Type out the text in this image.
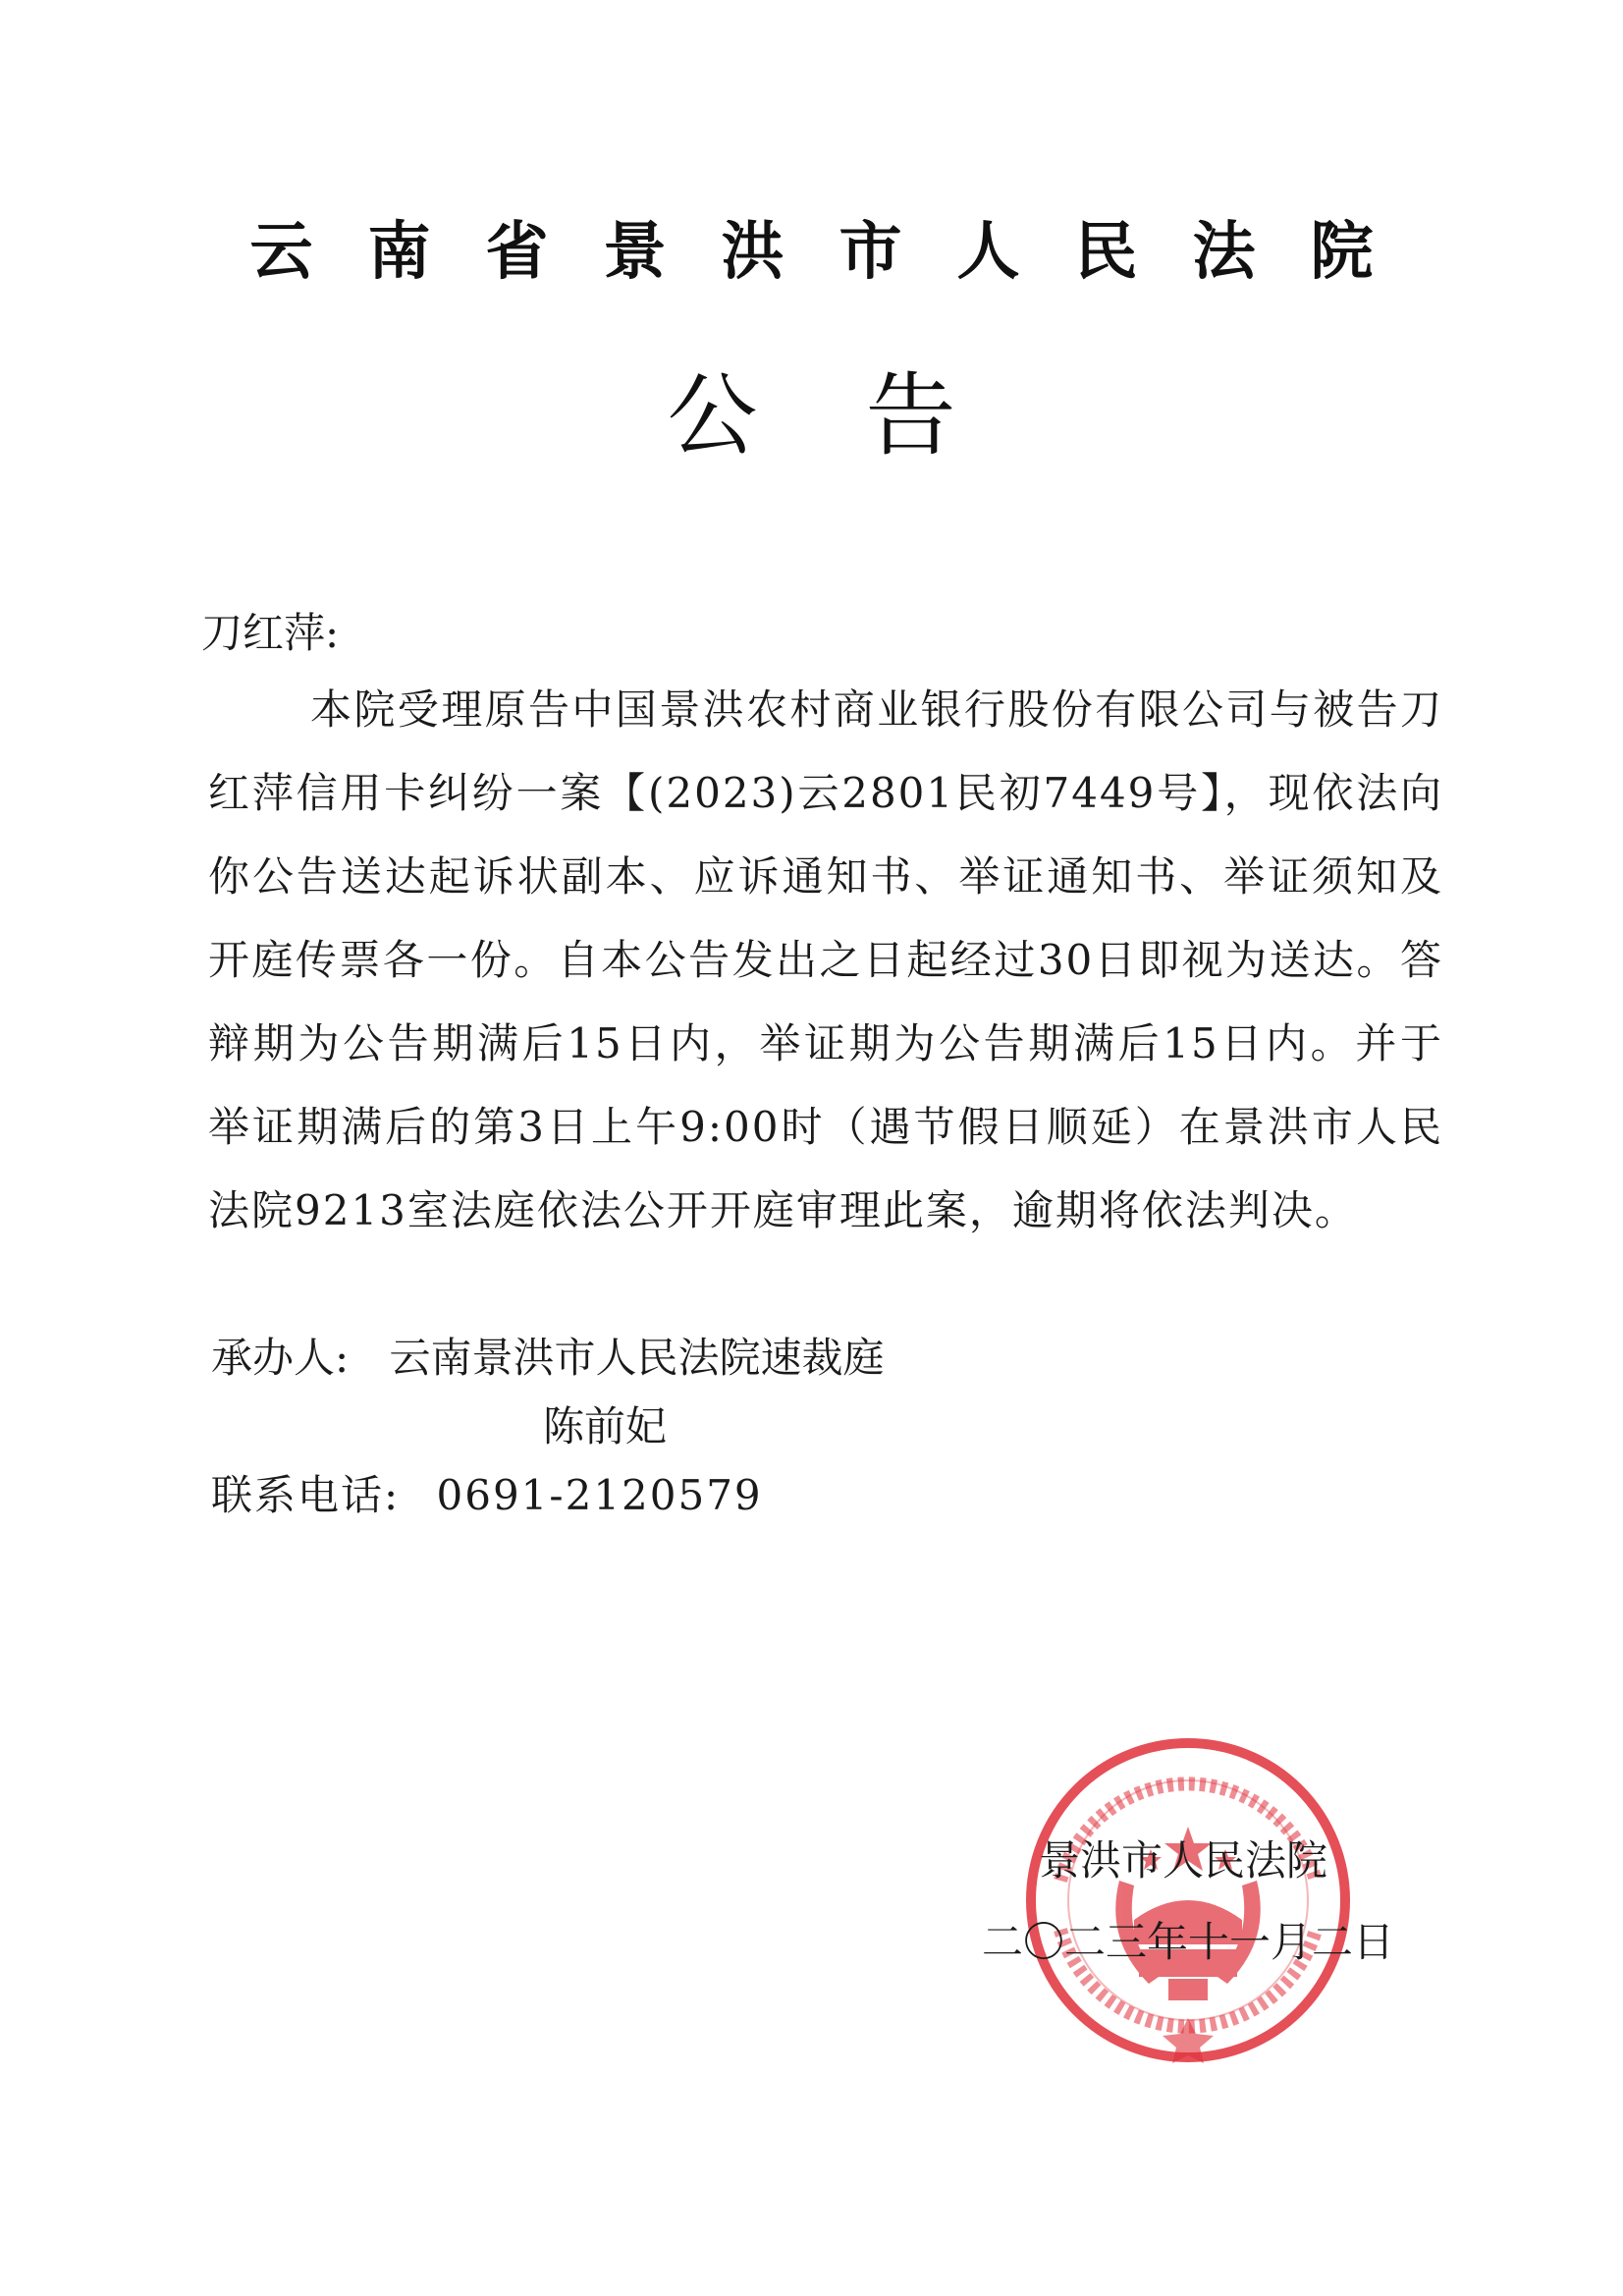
云南省景洪市人民法院
公告
刀红萍:

本院受理原告中国景洪农村商业银行股份有限公司与被告刀红萍信用卡纠纷一案【(2023)云2801民初7449号】，现依法向你公告送达起诉状副本、应诉通知书、举证通知书、举证须知及开庭传票各一份。自本公告发出之日起经过30日即视为送达。答辩期为公告期满后15日内，举证期为公告期满后15日内。并于举证期满后的第3日上午9:00时（遇节假日顺延）在景洪市人民法院9213室法庭依法公开开庭审理此案，逾期将依法判决。

承办人: 云南景洪市人民法院速裁庭
陈前妃
联系电话: 0691-2120579
景洪市人民法院
二〇二三年十一月二日
